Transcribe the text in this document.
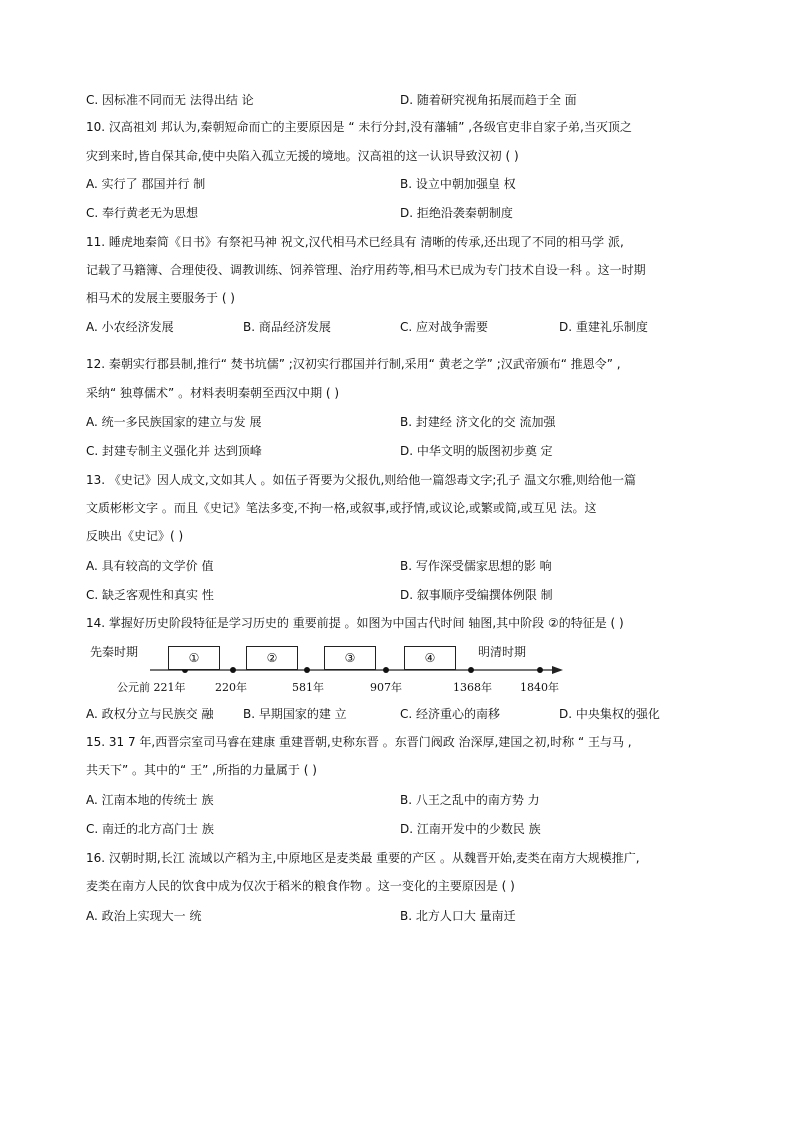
C. 因标准不同而无 法得出结 论	D. 随着研究视角拓展而趋于全 面
10. 汉高祖刘 邦认为,秦朝短命而亡的主要原因是 “ 未行分封,没有藩辅” ,各级官吏非自家子弟,当灭顶之
灾到来时,皆自保其命,使中央陷入孤立无援的境地。汉高祖的这一认识导致汉初 ( )
A. 实行了 郡国并行 制	B. 设立中朝加强皇 权
C. 奉行黄老无为思想	D. 拒绝沿袭秦朝制度
11. 睡虎地秦简《日书》有祭祀马神 祝文,汉代相马术已经具有 清晰的传承,还出现了不同的相马学 派,
记载了马籍簿、合理使役、调教训练、饲养管理、治疗用药等,相马术已成为专门技术自设一科 。这一时期
相马术的发展主要服务于 ( )
A. 小农经济发展	B. 商品经济发展	C. 应对战争需要	D. 重建礼乐制度
12. 秦朝实行郡县制,推行“ 焚书坑儒” ;汉初实行郡国并行制,采用“ 黄老之学” ;汉武帝颁布“ 推恩令” ,
采纳“ 独尊儒术” 。材料表明秦朝至西汉中期 ( )
A. 统一多民族国家的建立与发 展	B. 封建经 济文化的交 流加强
C. 封建专制主义强化并 达到顶峰	D. 中华文明的版图初步奠 定
13. 《史记》因人成文,文如其人 。如伍子胥要为父报仇,则给他一篇怨毒文字;孔子 温文尔雅,则给他一篇
文质彬彬文字 。而且《史记》笔法多变,不拘一格,或叙事,或抒情,或议论,或繁或简,或互见 法。这
反映出《史记》( )
A. 具有较高的文学价 值	B. 写作深受儒家思想的影 响
C. 缺乏客观性和真实 性	D. 叙事顺序受编撰体例限 制
14. 掌握好历史阶段特征是学习历史的 重要前提 。如图为中国古代时间 轴图,其中阶段 ②的特征是 ( )
先秦时期	明清时期
①	②	③	④
公元前 221年	220年	581年	907年	1368年	1840年
A. 政权分立与民族交 融 B. 早期国家的建 立	C. 经济重心的南移	D. 中央集权的强化
15. 31 7 年,西晋宗室司马睿在建康 重建晋朝,史称东晋 。东晋门阀政 治深厚,建国之初,时称 “ 王与马 ,
共天下” 。其中的“ 王” ,所指的力量属于 ( )
A. 江南本地的传统士 族	B. 八王之乱中的南方势 力
C. 南迁的北方高门士 族	D. 江南开发中的少数民 族
16. 汉朝时期,长江 流域以产稻为主,中原地区是麦类最 重要的产区 。从魏晋开始,麦类在南方大规模推广,
麦类在南方人民的饮食中成为仅次于稻米的粮食作物 。这一变化的主要原因是 ( )
A. 政治上实现大一 统	B. 北方人口大 量南迁
